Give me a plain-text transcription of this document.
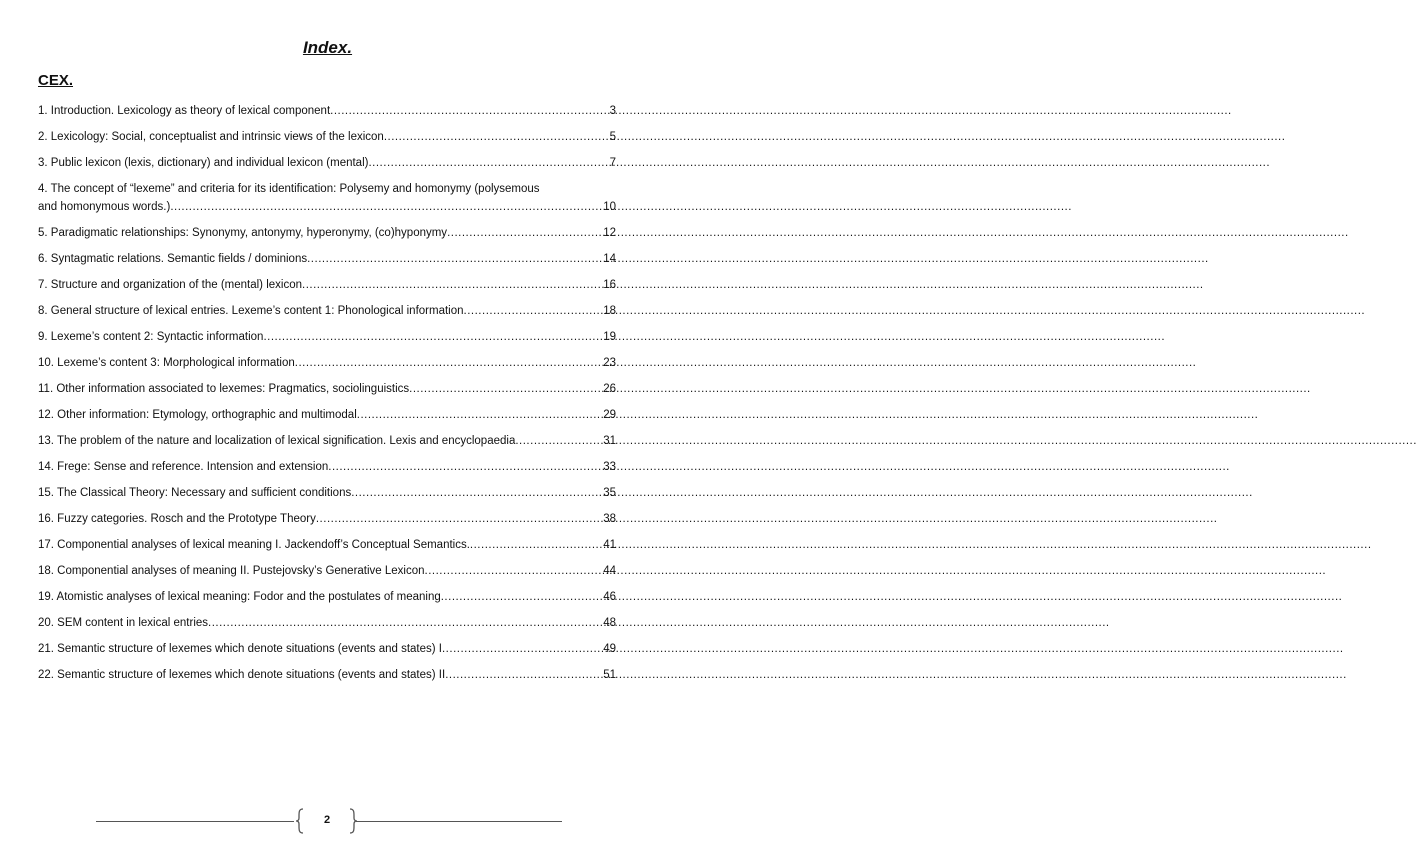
Index.
CEX.
1. Introduction. Lexicology as theory of lexical component .....	3
2. Lexicology: Social, conceptualist and intrinsic views of the lexicon .....	5
3. Public lexicon (lexis, dictionary) and individual lexicon (mental) .....	7
4. The concept of “lexeme” and criteria for its identification: Polysemy and homonymy (polysemous
and homonymous words.) .....	10
5. Paradigmatic relationships: Synonymy, antonymy, hyperonymy, (co)hyponymy .....	12
6. Syntagmatic relations. Semantic fields / dominions .....	14
7. Structure and organization of the (mental) lexicon .....	16
8. General structure of lexical entries. Lexeme’s content 1: Phonological information .....	18
9. Lexeme’s content 2: Syntactic information .....	19
10. Lexeme’s content 3: Morphological information .....	23
11. Other information associated to lexemes: Pragmatics, sociolinguistics .....	26
12. Other information: Etymology, orthographic and multimodal .....	29
13. The problem of the nature and localization of lexical signification. Lexis and encyclopaedia .....	31
14. Frege: Sense and reference. Intension and extension .....	33
15. The Classical Theory: Necessary and sufficient conditions .....	35
16. Fuzzy categories. Rosch and the Prototype Theory .....	38
17. Componential analyses of lexical meaning I. Jackendoff’s Conceptual Semantics. .....	41
18. Componential analyses of meaning II. Pustejovsky’s Generative Lexicon .....	44
19. Atomistic analyses of lexical meaning: Fodor and the postulates of meaning .....	46
20. SEM content in lexical entries .....	48
21. Semantic structure of lexemes which denote situations (events and states) I .....	49
22. Semantic structure of lexemes which denote situations (events and states) II .....	51
2
